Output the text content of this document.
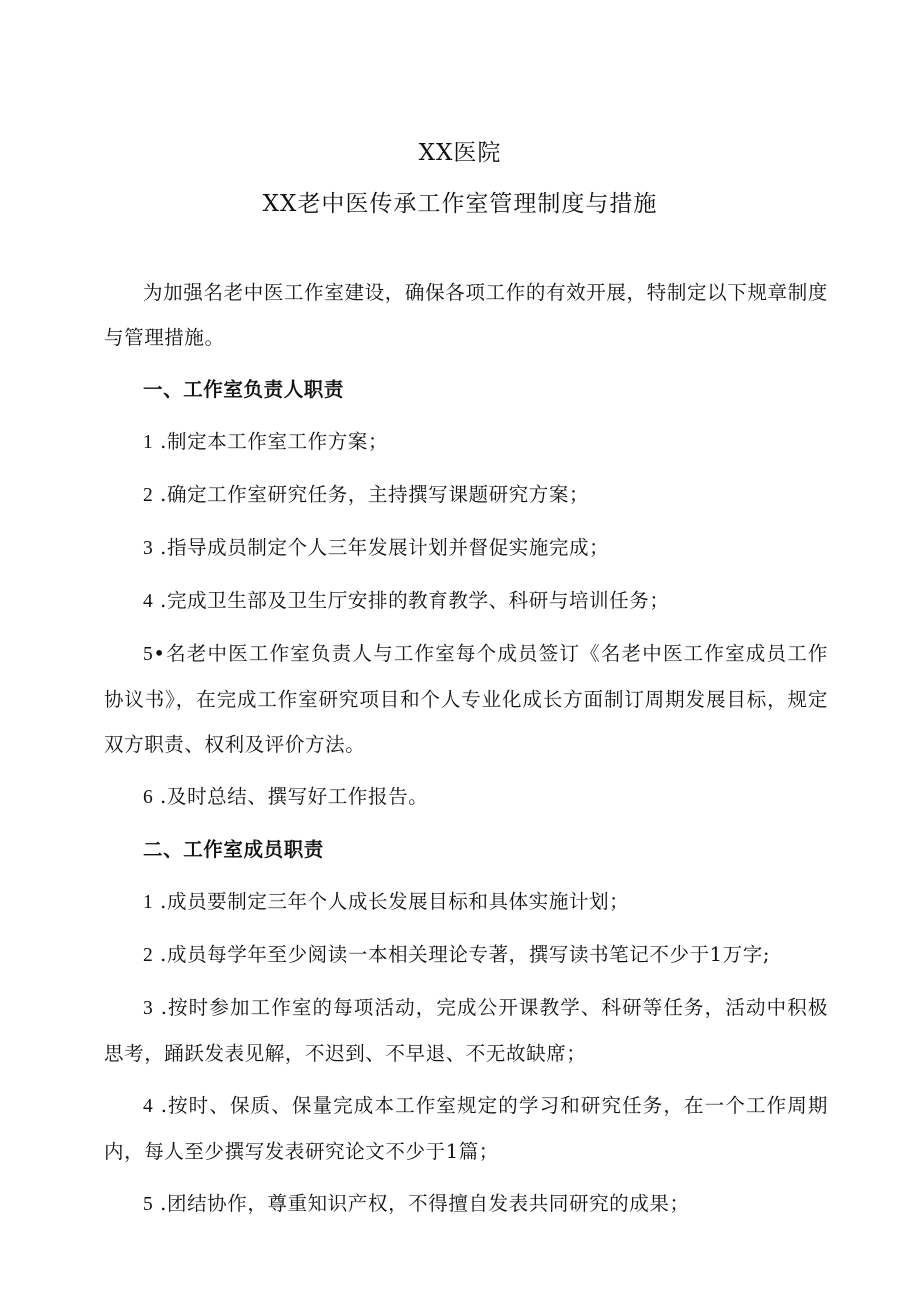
XX医院
XX老中医传承工作室管理制度与措施

为加强名老中医工作室建设，确保各项工作的有效开展，特制定以下规章制度与管理措施。

一、工作室负责人职责

1 .制定本工作室工作方案；

2 .确定工作室研究任务，主持撰写课题研究方案；

3 .指导成员制定个人三年发展计划并督促实施完成；

4 .完成卫生部及卫生厅安排的教育教学、科研与培训任务；

5•名老中医工作室负责人与工作室每个成员签订《名老中医工作室成员工作协议书》，在完成工作室研究项目和个人专业化成长方面制订周期发展目标，规定双方职责、权利及评价方法。

6 .及时总结、撰写好工作报告。

二、工作室成员职责

1 .成员要制定三年个人成长发展目标和具体实施计划；

2 .成员每学年至少阅读一本相关理论专著，撰写读书笔记不少于1万字;

3 .按时参加工作室的每项活动，完成公开课教学、科研等任务，活动中积极思考，踊跃发表见解，不迟到、不早退、不无故缺席；

4 .按时、保质、保量完成本工作室规定的学习和研究任务，在一个工作周期内，每人至少撰写发表研究论文不少于1篇；

5 .团结协作，尊重知识产权，不得擅自发表共同研究的成果；
